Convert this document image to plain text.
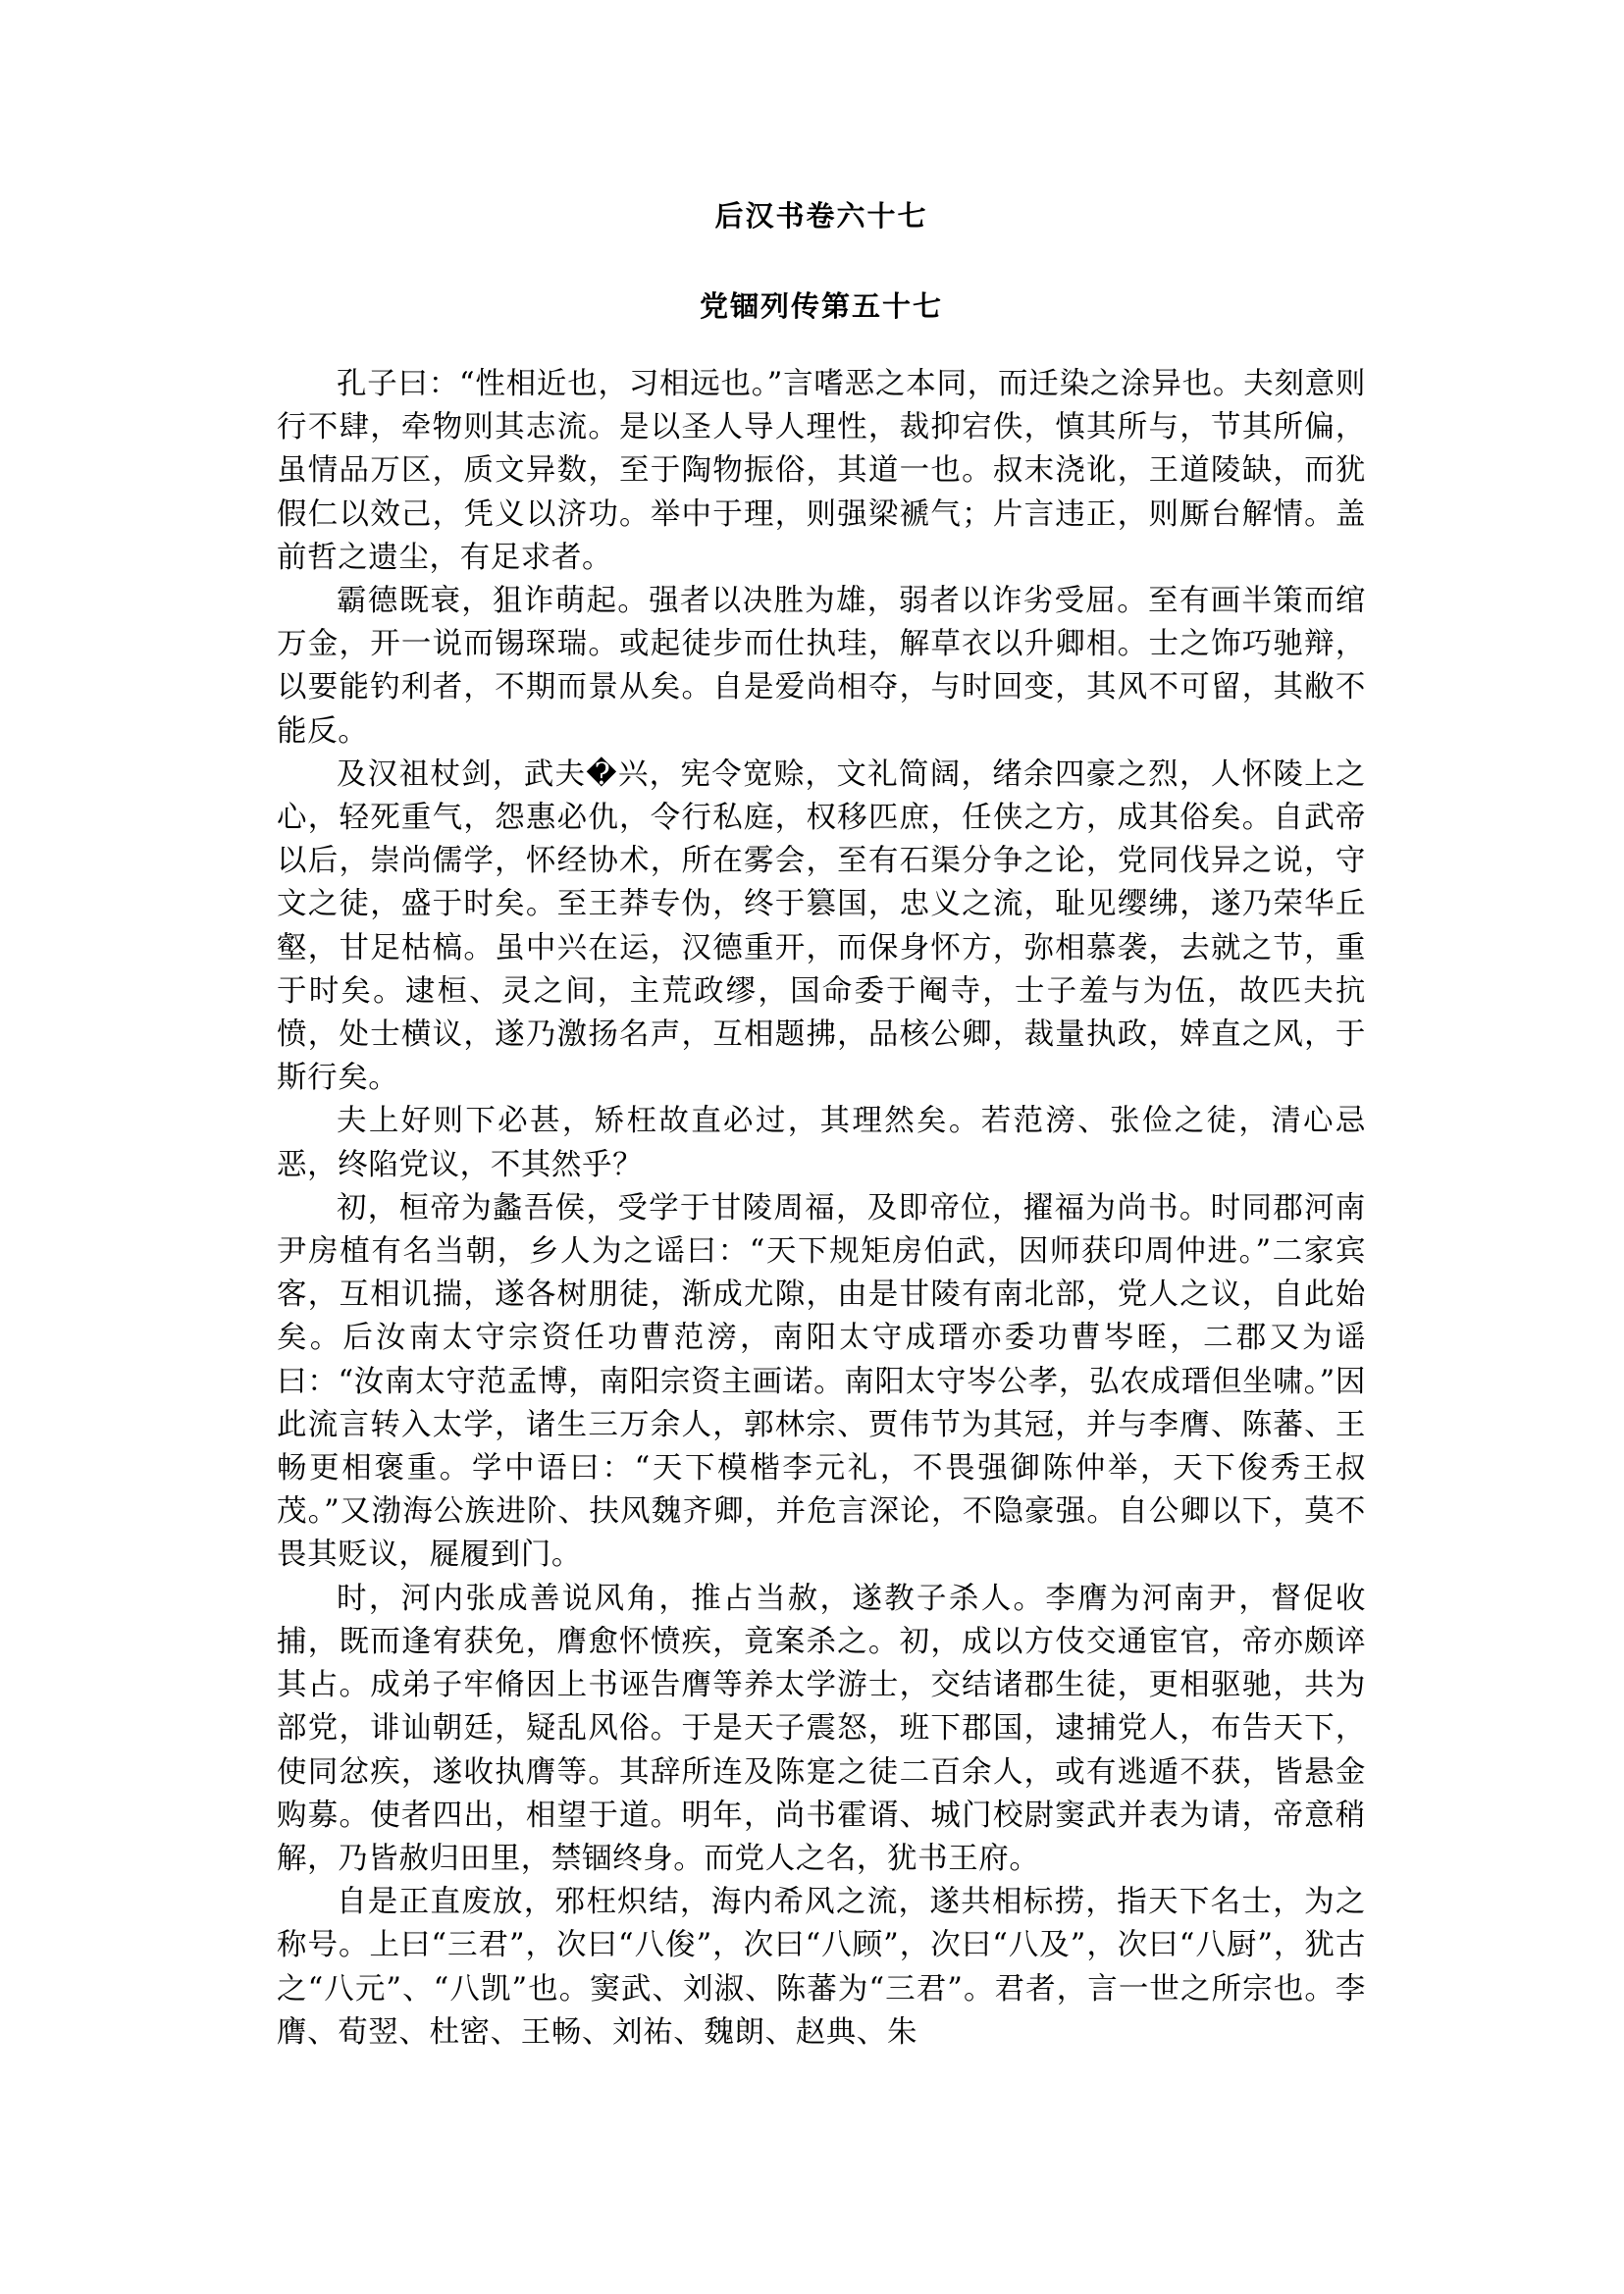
后汉书卷六十七
党锢列传第五十七

孔子曰：“性相近也，习相远也。”言嗜恶之本同，而迁染之涂异也。夫刻意则行不肆，牵物则其志流。是以圣人导人理性，裁抑宕佚，慎其所与，节其所偏，虽情品万区，质文异数，至于陶物振俗，其道一也。叔末浇讹，王道陵缺，而犹假仁以效己，凭义以济功。举中于理，则强梁褫气；片言违正，则厮台解情。盖前哲之遗尘，有足求者。

霸德既衰，狙诈萌起。强者以决胜为雄，弱者以诈劣受屈。至有画半策而绾万金，开一说而锡琛瑞。或起徒步而仕执珪，解草衣以升卿相。士之饰巧驰辩，以要能钓利者，不期而景从矣。自是爱尚相夺，与时回变，其风不可留，其敝不能反。

及汉祖杖剑，武夫�兴，宪令宽赊，文礼简阔，绪余四豪之烈，人怀陵上之心，轻死重气，怨惠必仇，令行私庭，权移匹庶，任侠之方，成其俗矣。自武帝以后，崇尚儒学，怀经协术，所在雾会，至有石渠分争之论，党同伐异之说，守文之徒，盛于时矣。至王莽专伪，终于篡国，忠义之流，耻见缨绋，遂乃荣华丘壑，甘足枯槁。虽中兴在运，汉德重开，而保身怀方，弥相慕袭，去就之节，重于时矣。逮桓、灵之间，主荒政缪，国命委于阉寺，士子羞与为伍，故匹夫抗愤，处士横议，遂乃激扬名声，互相题拂，品核公卿，裁量执政，婞直之风，于斯行矣。

夫上好则下必甚，矫枉故直必过，其理然矣。若范滂、张俭之徒，清心忌恶，终陷党议，不其然乎？

初，桓帝为蠡吾侯，受学于甘陵周福，及即帝位，擢福为尚书。时同郡河南尹房植有名当朝，乡人为之谣曰：“天下规矩房伯武，因师获印周仲进。”二家宾客，互相讥揣，遂各树朋徒，渐成尤隙，由是甘陵有南北部，党人之议，自此始矣。后汝南太守宗资任功曹范滂，南阳太守成瑨亦委功曹岑晊，二郡又为谣曰：“汝南太守范孟博，南阳宗资主画诺。南阳太守岑公孝，弘农成瑨但坐啸。”因此流言转入太学，诸生三万余人，郭林宗、贾伟节为其冠，并与李膺、陈蕃、王畅更相褒重。学中语曰：“天下模楷李元礼，不畏强御陈仲举，天下俊秀王叔茂。”又渤海公族进阶、扶风魏齐卿，并危言深论，不隐豪强。自公卿以下，莫不畏其贬议，屣履到门。

时，河内张成善说风角，推占当赦，遂教子杀人。李膺为河南尹，督促收捕，既而逢宥获免，膺愈怀愤疾，竟案杀之。初，成以方伎交通宦官，帝亦颇谇其占。成弟子牢脩因上书诬告膺等养太学游士，交结诸郡生徒，更相驱驰，共为部党，诽讪朝廷，疑乱风俗。于是天子震怒，班下郡国，逮捕党人，布告天下，使同忿疾，遂收执膺等。其辞所连及陈寔之徒二百余人，或有逃遁不获，皆悬金购募。使者四出，相望于道。明年，尚书霍谞、城门校尉窦武并表为请，帝意稍解，乃皆赦归田里，禁锢终身。而党人之名，犹书王府。

自是正直废放，邪枉炽结，海内希风之流，遂共相标捞，指天下名士，为之称号。上曰“三君”，次曰“八俊”，次曰“八顾”，次曰“八及”，次曰“八厨”，犹古之“八元”、“八凯”也。窦武、刘淑、陈蕃为“三君”。君者，言一世之所宗也。李膺、荀翌、杜密、王畅、刘祐、魏朗、赵典、朱
